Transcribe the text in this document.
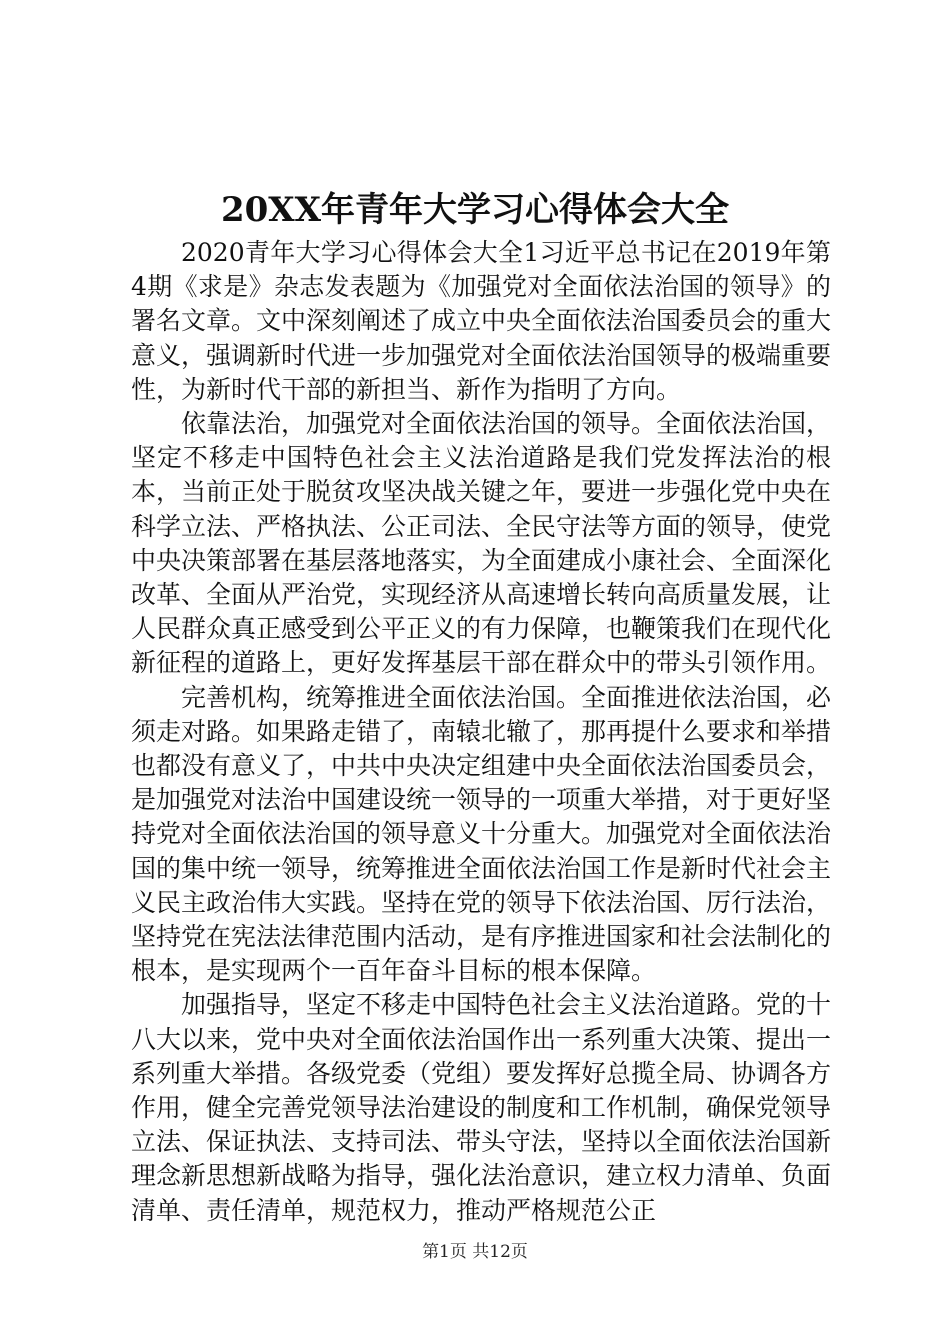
20XX年青年大学习心得体会大全

2020青年大学习心得体会大全1习近平总书记在2019年第4期《求是》杂志发表题为《加强党对全面依法治国的领导》的署名文章。文中深刻阐述了成立中央全面依法治国委员会的重大意义，强调新时代进一步加强党对全面依法治国领导的极端重要性，为新时代干部的新担当、新作为指明了方向。

依靠法治，加强党对全面依法治国的领导。全面依法治国，坚定不移走中国特色社会主义法治道路是我们党发挥法治的根本，当前正处于脱贫攻坚决战关键之年，要进一步强化党中央在科学立法、严格执法、公正司法、全民守法等方面的领导，使党中央决策部署在基层落地落实，为全面建成小康社会、全面深化改革、全面从严治党，实现经济从高速增长转向高质量发展，让人民群众真正感受到公平正义的有力保障，也鞭策我们在现代化新征程的道路上，更好发挥基层干部在群众中的带头引领作用。

完善机构，统筹推进全面依法治国。全面推进依法治国，必须走对路。如果路走错了，南辕北辙了，那再提什么要求和举措也都没有意义了，中共中央决定组建中央全面依法治国委员会，是加强党对法治中国建设统一领导的一项重大举措，对于更好坚持党对全面依法治国的领导意义十分重大。加强党对全面依法治国的集中统一领导，统筹推进全面依法治国工作是新时代社会主义民主政治伟大实践。坚持在党的领导下依法治国、厉行法治，坚持党在宪法法律范围内活动，是有序推进国家和社会法制化的根本，是实现两个一百年奋斗目标的根本保障。

加强指导，坚定不移走中国特色社会主义法治道路。党的十八大以来，党中央对全面依法治国作出一系列重大决策、提出一系列重大举措。各级党委（党组）要发挥好总揽全局、协调各方作用，健全完善党领导法治建设的制度和工作机制，确保党领导立法、保证执法、支持司法、带头守法，坚持以全面依法治国新理念新思想新战略为指导，强化法治意识，建立权力清单、负面清单、责任清单，规范权力，推动严格规范公正

第1页 共12页
